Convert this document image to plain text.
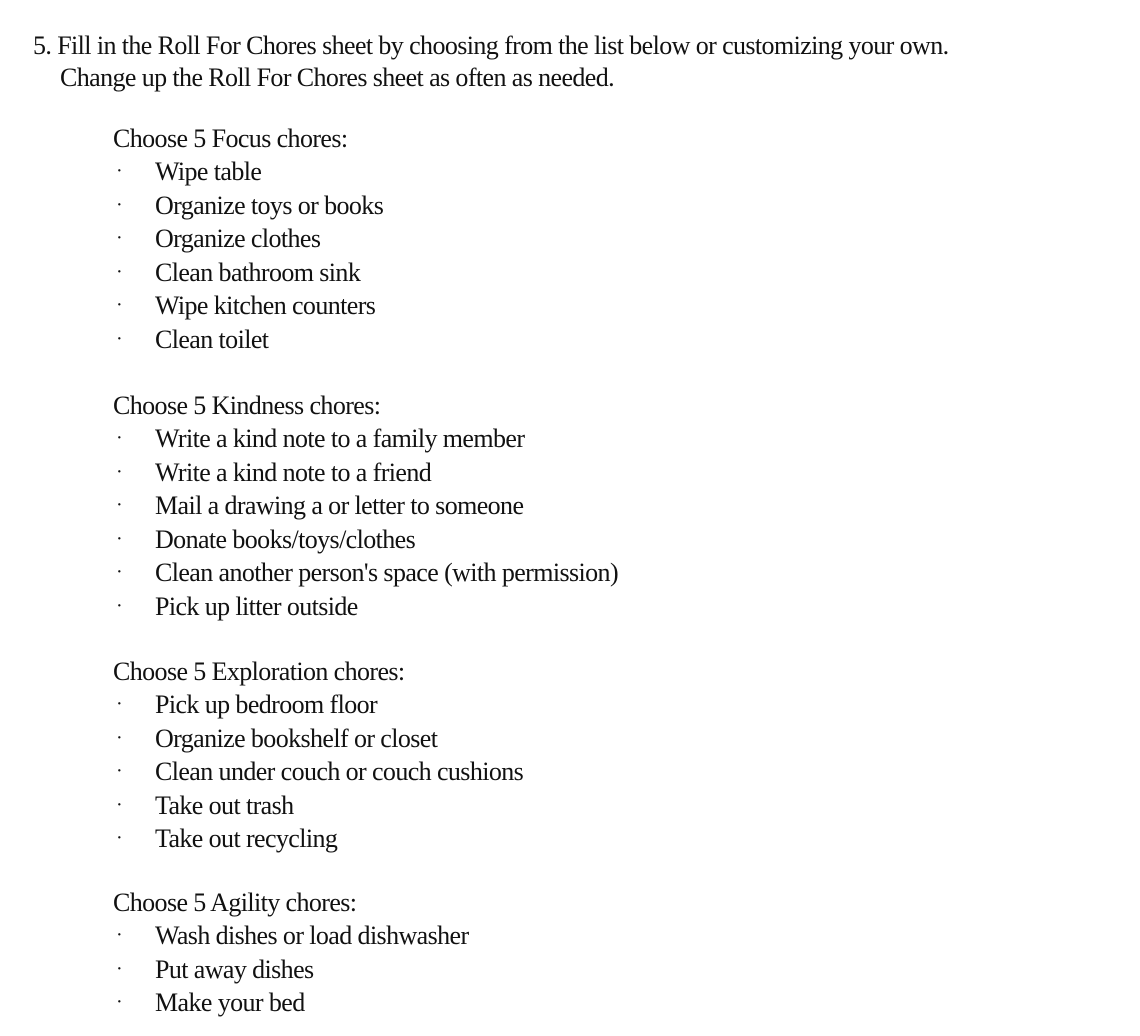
5. Fill in the Roll For Chores sheet by choosing from the list below or customizing your own.
Change up the Roll For Chores sheet as often as needed.
Choose 5 Focus chores:
· Wipe table
· Organize toys or books
· Organize clothes
· Clean bathroom sink
· Wipe kitchen counters
· Clean toilet
Choose 5 Kindness chores:
· Write a kind note to a family member
· Write a kind note to a friend
· Mail a drawing a or letter to someone
· Donate books/toys/clothes
· Clean another person's space (with permission)
· Pick up litter outside
Choose 5 Exploration chores:
· Pick up bedroom floor
· Organize bookshelf or closet
· Clean under couch or couch cushions
· Take out trash
· Take out recycling
Choose 5 Agility chores:
· Wash dishes or load dishwasher
· Put away dishes
· Make your bed
